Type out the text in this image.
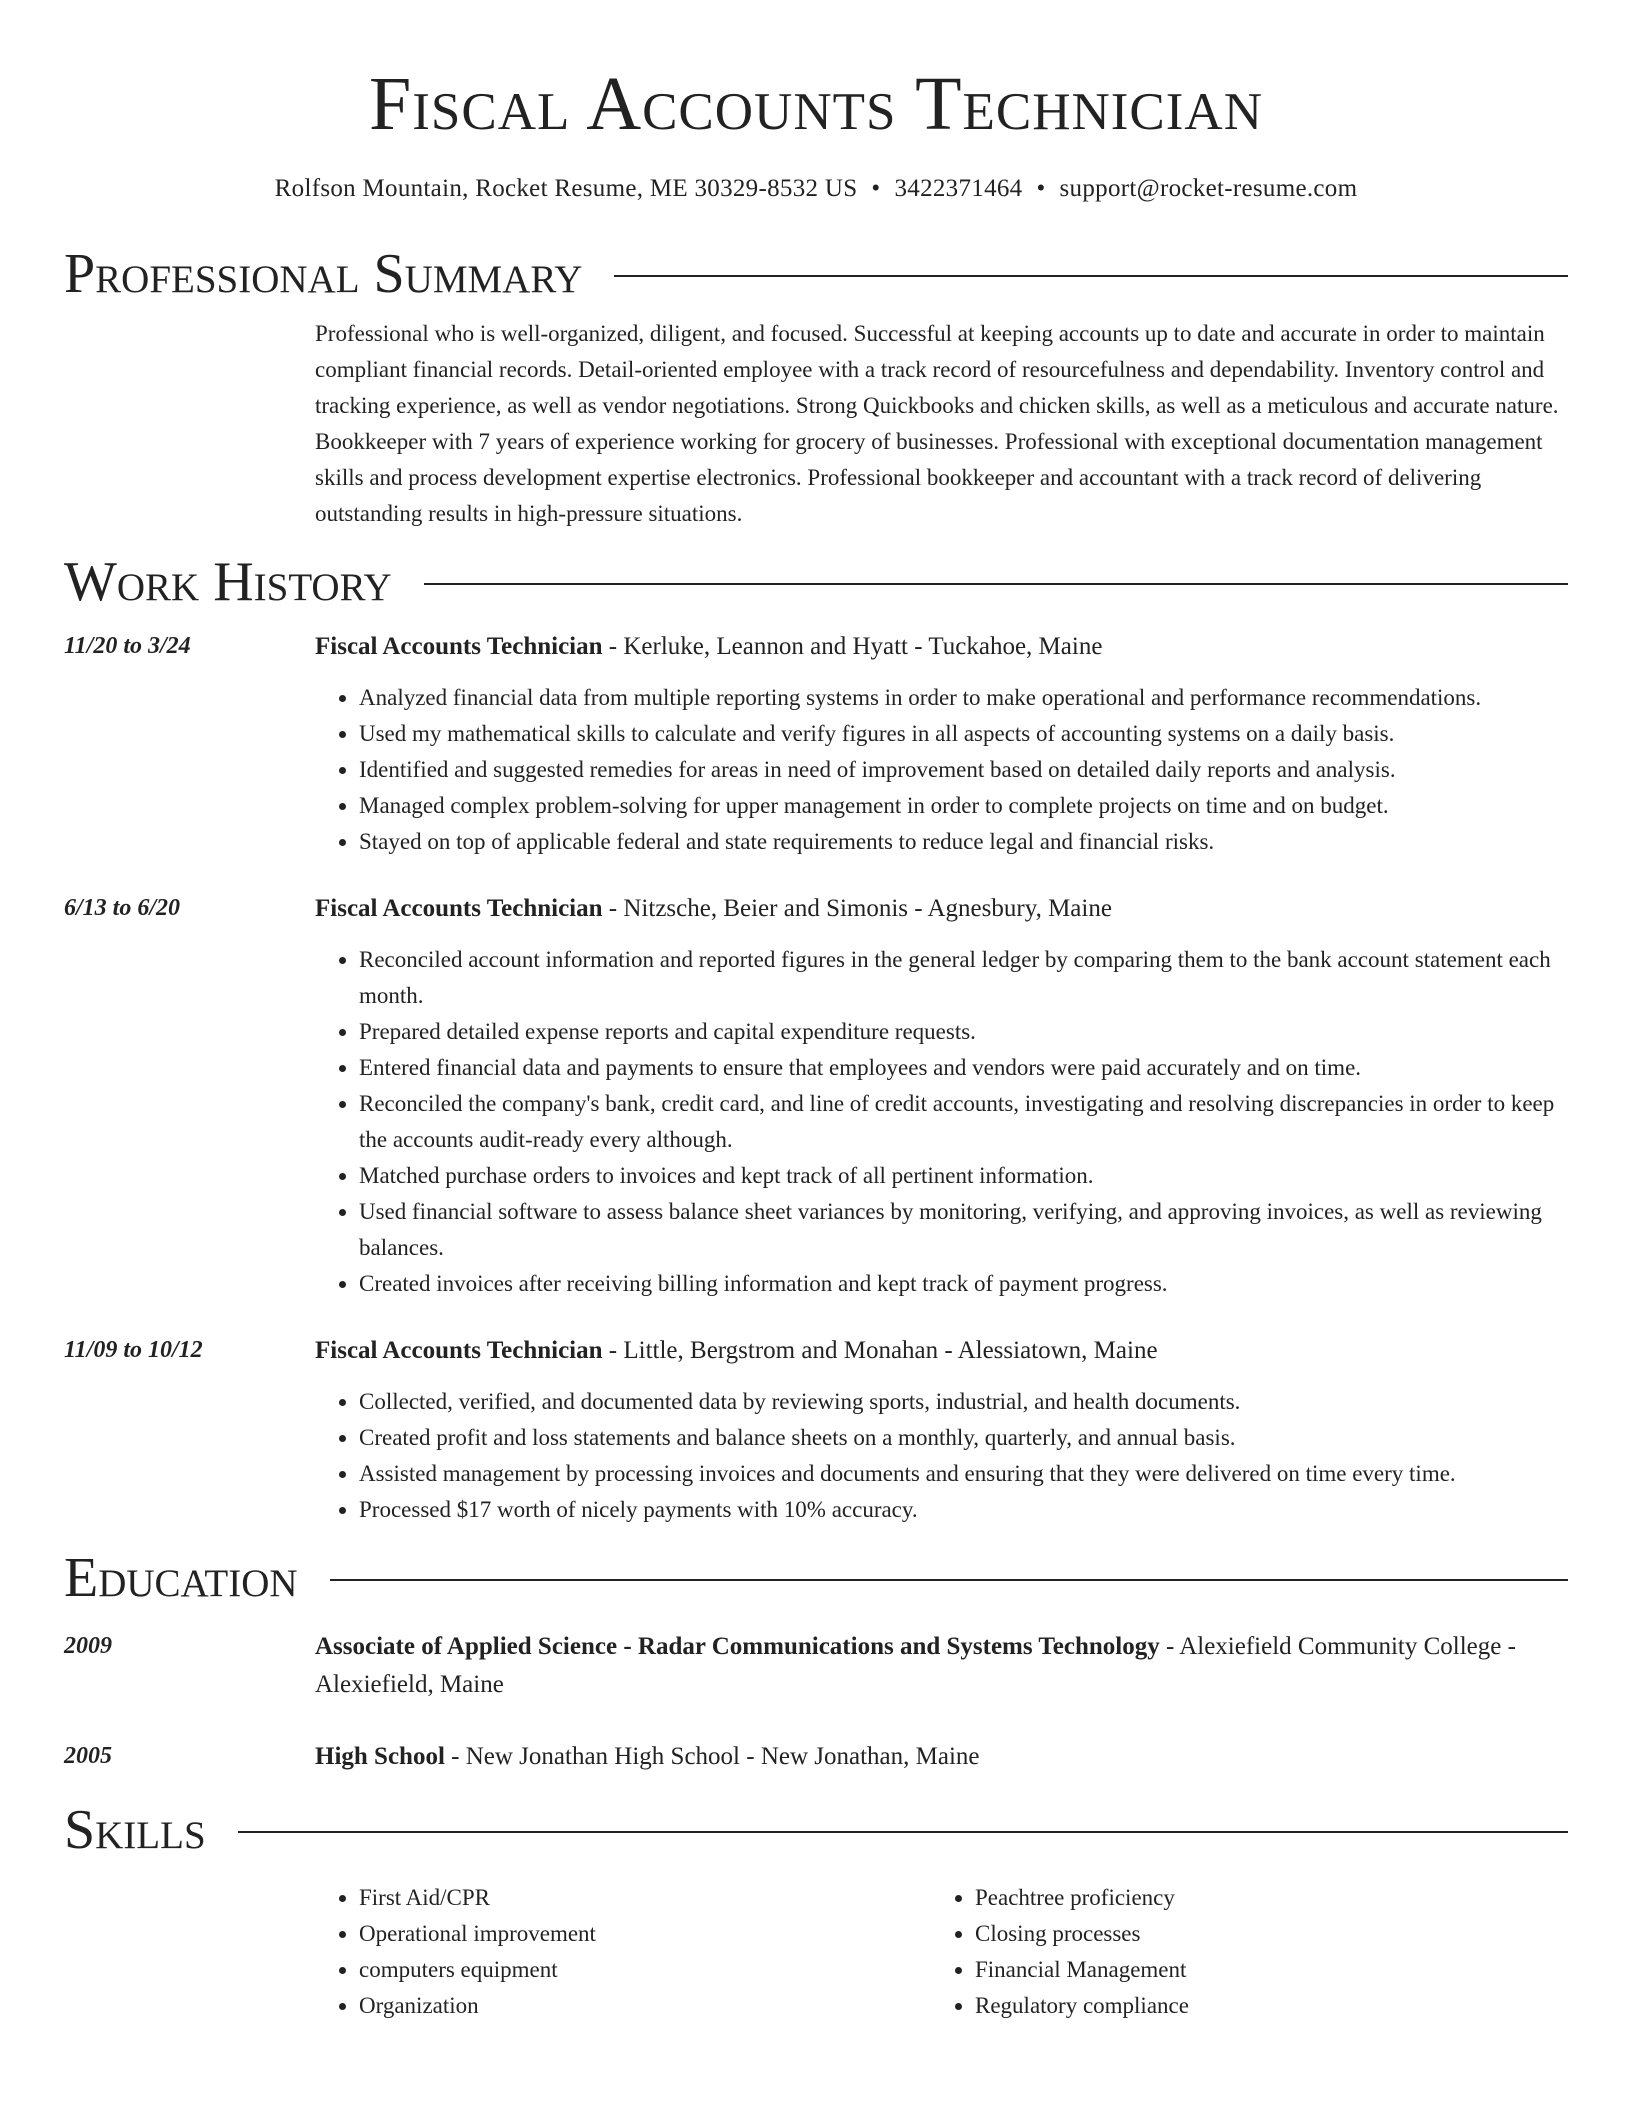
Fiscal Accounts Technician
Rolfson Mountain, Rocket Resume, ME 30329-8532 US • 3422371464 • support@rocket-resume.com
Professional Summary
Professional who is well-organized, diligent, and focused. Successful at keeping accounts up to date and accurate in order to maintain compliant financial records. Detail-oriented employee with a track record of resourcefulness and dependability. Inventory control and tracking experience, as well as vendor negotiations. Strong Quickbooks and chicken skills, as well as a meticulous and accurate nature. Bookkeeper with 7 years of experience working for grocery of businesses. Professional with exceptional documentation management skills and process development expertise electronics. Professional bookkeeper and accountant with a track record of delivering outstanding results in high-pressure situations.
Work History
11/20 to 3/24	Fiscal Accounts Technician - Kerluke, Leannon and Hyatt - Tuckahoe, Maine
• Analyzed financial data from multiple reporting systems in order to make operational and performance recommendations.
• Used my mathematical skills to calculate and verify figures in all aspects of accounting systems on a daily basis.
• Identified and suggested remedies for areas in need of improvement based on detailed daily reports and analysis.
• Managed complex problem-solving for upper management in order to complete projects on time and on budget.
• Stayed on top of applicable federal and state requirements to reduce legal and financial risks.
6/13 to 6/20	Fiscal Accounts Technician - Nitzsche, Beier and Simonis - Agnesbury, Maine
• Reconciled account information and reported figures in the general ledger by comparing them to the bank account statement each month.
• Prepared detailed expense reports and capital expenditure requests.
• Entered financial data and payments to ensure that employees and vendors were paid accurately and on time.
• Reconciled the company's bank, credit card, and line of credit accounts, investigating and resolving discrepancies in order to keep the accounts audit-ready every although.
• Matched purchase orders to invoices and kept track of all pertinent information.
• Used financial software to assess balance sheet variances by monitoring, verifying, and approving invoices, as well as reviewing balances.
• Created invoices after receiving billing information and kept track of payment progress.
11/09 to 10/12	Fiscal Accounts Technician - Little, Bergstrom and Monahan - Alessiatown, Maine
• Collected, verified, and documented data by reviewing sports, industrial, and health documents.
• Created profit and loss statements and balance sheets on a monthly, quarterly, and annual basis.
• Assisted management by processing invoices and documents and ensuring that they were delivered on time every time.
• Processed $17 worth of nicely payments with 10% accuracy.
Education
2009	Associate of Applied Science - Radar Communications and Systems Technology - Alexiefield Community College - Alexiefield, Maine
2005	High School - New Jonathan High School - New Jonathan, Maine
Skills
• First Aid/CPR
• Operational improvement
• computers equipment
• Organization
• Peachtree proficiency
• Closing processes
• Financial Management
• Regulatory compliance
